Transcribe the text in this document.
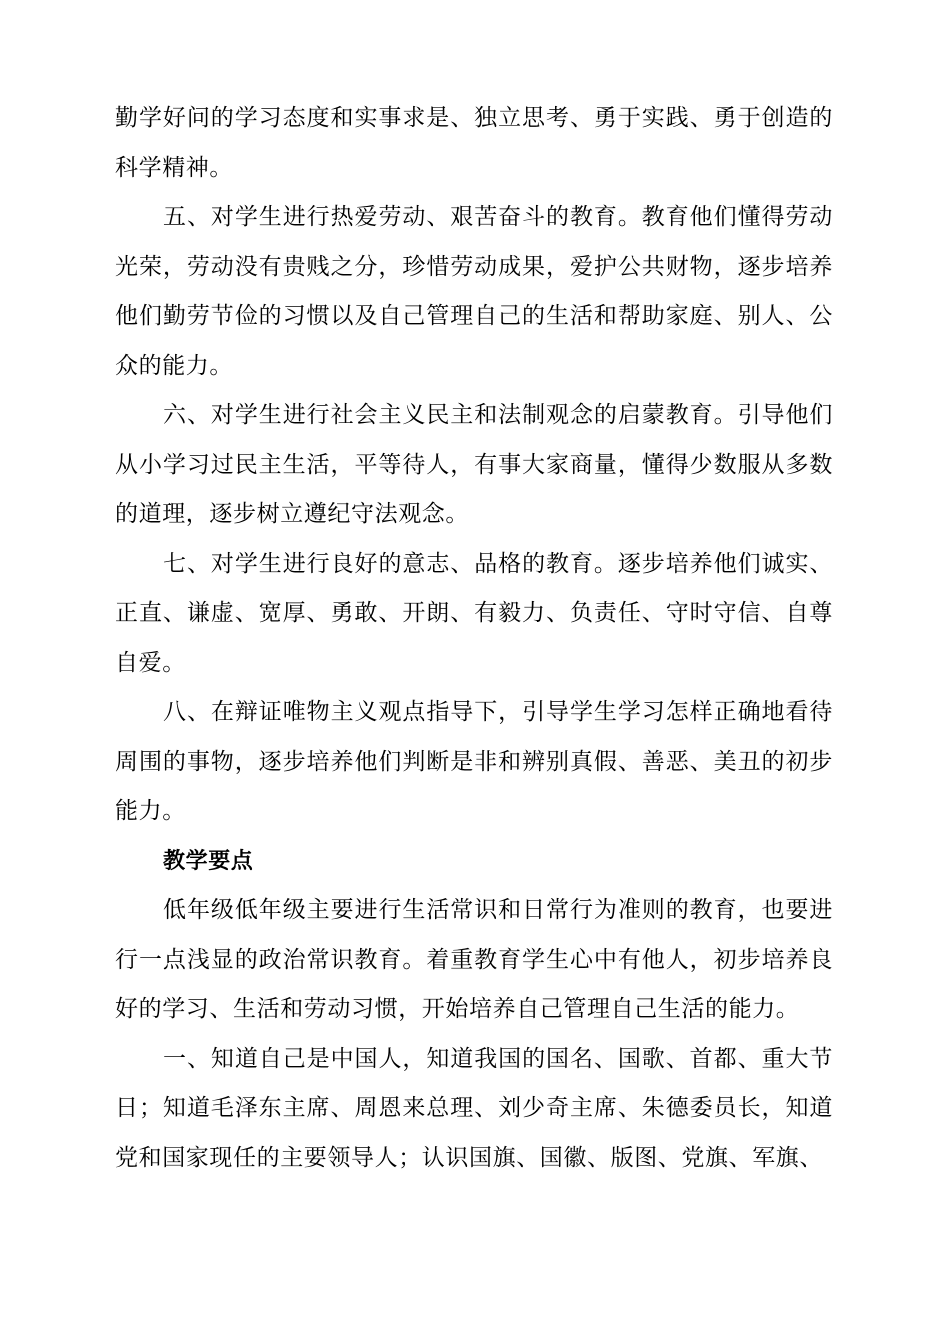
勤学好问的学习态度和实事求是、独立思考、勇于实践、勇于创造的科学精神。

五、对学生进行热爱劳动、艰苦奋斗的教育。教育他们懂得劳动光荣，劳动没有贵贱之分，珍惜劳动成果，爱护公共财物，逐步培养他们勤劳节俭的习惯以及自己管理自己的生活和帮助家庭、别人、公众的能力。

六、对学生进行社会主义民主和法制观念的启蒙教育。引导他们从小学习过民主生活，平等待人，有事大家商量，懂得少数服从多数的道理，逐步树立遵纪守法观念。

七、对学生进行良好的意志、品格的教育。逐步培养他们诚实、正直、谦虚、宽厚、勇敢、开朗、有毅力、负责任、守时守信、自尊自爱。

八、在辩证唯物主义观点指导下，引导学生学习怎样正确地看待周围的事物，逐步培养他们判断是非和辨别真假、善恶、美丑的初步能力。

教学要点

低年级低年级主要进行生活常识和日常行为准则的教育，也要进行一点浅显的政治常识教育。着重教育学生心中有他人，初步培养良好的学习、生活和劳动习惯，开始培养自己管理自己生活的能力。

一、知道自己是中国人，知道我国的国名、国歌、首都、重大节日；知道毛泽东主席、周恩来总理、刘少奇主席、朱德委员长，知道党和国家现任的主要领导人；认识国旗、国徽、版图、党旗、军旗、
